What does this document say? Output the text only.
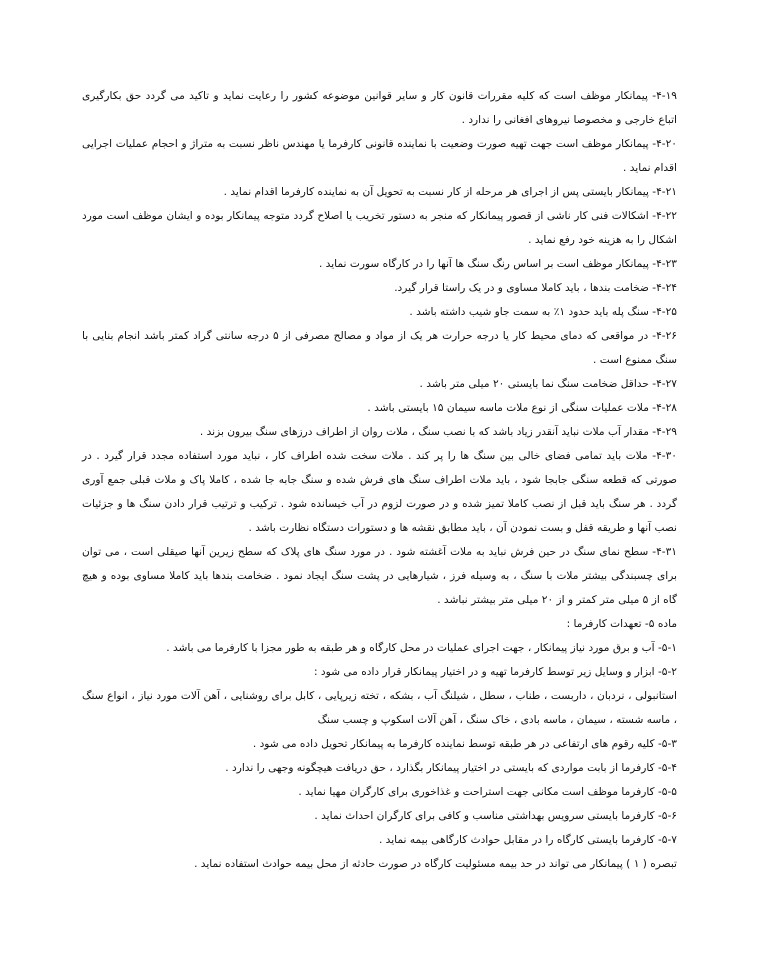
۴-۱۹- پیمانکار موظف است که کلیه مقررات قانون کار و سایر قوانین موضوعه کشور را رعایت نماید و تاکید می گردد حق بکارگیری اتباع خارجی و مخصوصا نیروهای افغانی را ندارد .

۴-۲۰- پیمانکار موظف است جهت تهیه صورت وضعیت با نماینده قانونی کارفرما یا مهندس ناظر نسبت به متراژ و احجام عملیات اجرایی اقدام نماید .

۴-۲۱- پیمانکار بایستی پس از اجرای هر مرحله از کار نسبت به تحویل آن به نماینده کارفرما اقدام نماید .

۴-۲۲- اشکالات فنی کار ناشی از قصور پیمانکار که منجر به دستور تخریب یا اصلاح گردد متوجه پیمانکار بوده و ایشان موظف است مورد اشکال را به هزینه خود رفع نماید .

۴-۲۳- پیمانکار موظف است بر اساس رنگ سنگ ها آنها را در کارگاه سورت نماید .

۴-۲۴- ضخامت بندها ، باید کاملا مساوی و در یک راستا قرار گیرد.

۴-۲۵- سنگ پله باید حدود ۱٪ به سمت جاو شیب داشته باشد .

۴-۲۶- در مواقعی که دمای محیط کار یا درجه حرارت هر یک از مواد و مصالح مصرفی از ۵ درجه سانتی گراد کمتر باشد انجام بنایی با سنگ ممنوع است .

۴-۲۷- حداقل ضخامت سنگ نما بایستی ۲۰ میلی متر باشد .

۴-۲۸- ملات عملیات سنگی از نوع ملات ماسه سیمان ۱۵ بایستی باشد .

۴-۲۹- مقدار آب ملات نباید آنقدر زیاد باشد که با نصب سنگ ، ملات روان از اطراف درزهای سنگ بیرون بزند .

۴-۳۰- ملات باید تمامی فضای خالی بین سنگ ها را پر کند . ملات سخت شده اطراف کار ، نباید مورد استفاده مجدد قرار گیرد . در صورتی که قطعه سنگی جابجا شود ، باید ملات اطراف سنگ های فرش شده و سنگ جابه جا شده ، کاملا پاک و ملات قبلی جمع آوری گردد . هر سنگ باید قبل از نصب کاملا تمیز شده و در صورت لزوم در آب خیسانده شود . ترکیب و ترتیب قرار دادن سنگ ها و جزئیات نصب آنها و طریقه قفل و بست نمودن آن ، باید مطابق نقشه ها و دستورات دستگاه نظارت باشد .

۴-۳۱- سطح نمای سنگ در حین فرش نباید به ملات آغشته شود . در مورد سنگ های پلاک که سطح زیرین آنها صیقلی است ، می توان برای چسبندگی بیشتر ملات با سنگ ، به وسیله فرز ، شیارهایی در پشت سنگ ایجاد نمود . ضخامت بندها باید کاملا مساوی بوده و هیچ گاه از ۵ میلی متر کمتر و از ۲۰ میلی متر بیشتر نباشد .

ماده ۵- تعهدات کارفرما :

۵-۱- آب و برق مورد نیاز پیمانکار ، جهت اجرای عملیات در محل کارگاه و هر طبقه به طور مجزا با کارفرما می باشد .

۵-۲- ابزار و وسایل زیر توسط کارفرما تهیه و در اختیار پیمانکار قرار داده می شود :

استانبولی ، نردبان ، داربست ، طناب ، سطل ، شیلنگ آب ، بشکه ، تخته زیرپایی ، کابل برای روشنایی ، آهن آلات مورد نیاز ، انواع سنگ ، ماسه شسته ، سیمان ، ماسه بادی ، خاک سنگ ، آهن آلات اسکوپ و چسب سنگ

۵-۳- کلیه رقوم های ارتفاعی در هر طبقه توسط نماینده کارفرما به پیمانکار تحویل داده می شود .

۵-۴- کارفرما از بابت مواردی که بایستی در اختیار پیمانکار بگذارد ، حق دریافت هیچگونه وجهی را ندارد .

۵-۵- کارفرما موظف است مکانی جهت استراحت و غذاخوری برای کارگران مهیا نماید .

۵-۶- کارفرما بایستی سرویس بهداشتی مناسب و کافی برای کارگران احداث نماید .

۵-۷- کارفرما بایستی کارگاه را در مقابل حوادث کارگاهی بیمه نماید .

تبصره ( ۱ ) پیمانکار می تواند در حد بیمه مسئولیت کارگاه در صورت حادثه از محل بیمه حوادث استفاده نماید .
